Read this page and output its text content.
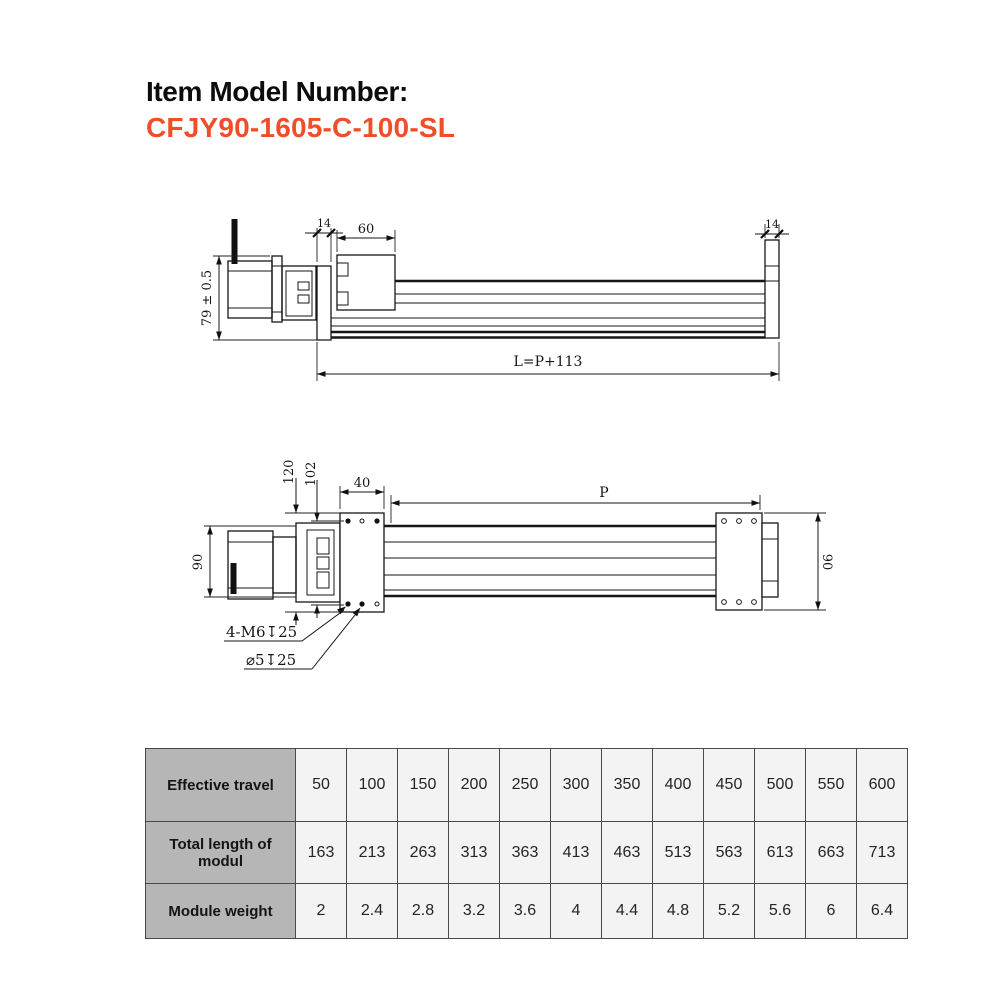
Item Model Number:
CFJY90-1605-C-100-SL
14 60	14
79 ± 0.5
L=P+113
120 102	40
P
90	90
4-M6↧25
⌀5↧25
Effective travel	50	100	150	200	250	300	350	400	450	500	550	600
Total length of modul	163	213	263	313	363	413	463	513	563	613	663	713
Module weight	2	2.4	2.8	3.2	3.6	4	4.4	4.8	5.2	5.6	6	6.4
